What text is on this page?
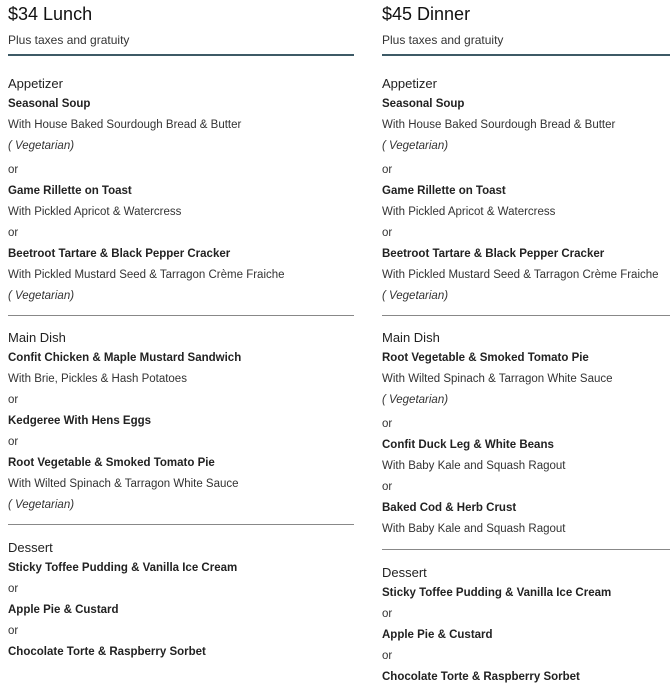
$34 Lunch
Plus taxes and gratuity
Appetizer
Seasonal Soup
With House Baked Sourdough Bread & Butter
( Vegetarian)
or
Game Rillette on Toast
With Pickled Apricot & Watercress
or
Beetroot Tartare & Black Pepper Cracker
With Pickled Mustard Seed & Tarragon Crème Fraiche
( Vegetarian)
Main Dish
Confit Chicken & Maple Mustard Sandwich
With Brie, Pickles & Hash Potatoes
or
Kedgeree With Hens Eggs
or
Root Vegetable & Smoked Tomato Pie
With Wilted Spinach & Tarragon White Sauce
( Vegetarian)
Dessert
Sticky Toffee Pudding & Vanilla Ice Cream
or
Apple Pie & Custard
or
Chocolate Torte & Raspberry Sorbet
$45 Dinner
Plus taxes and gratuity
Appetizer
Seasonal Soup
With House Baked Sourdough Bread & Butter
( Vegetarian)
or
Game Rillette on Toast
With Pickled Apricot & Watercress
or
Beetroot Tartare & Black Pepper Cracker
With Pickled Mustard Seed & Tarragon Crème Fraiche
( Vegetarian)
Main Dish
Root Vegetable & Smoked Tomato Pie
With Wilted Spinach & Tarragon White Sauce
( Vegetarian)
or
Confit Duck Leg & White Beans
With Baby Kale and Squash Ragout
or
Baked Cod & Herb Crust
With Baby Kale and Squash Ragout
Dessert
Sticky Toffee Pudding & Vanilla Ice Cream
or
Apple Pie & Custard
or
Chocolate Torte & Raspberry Sorbet
